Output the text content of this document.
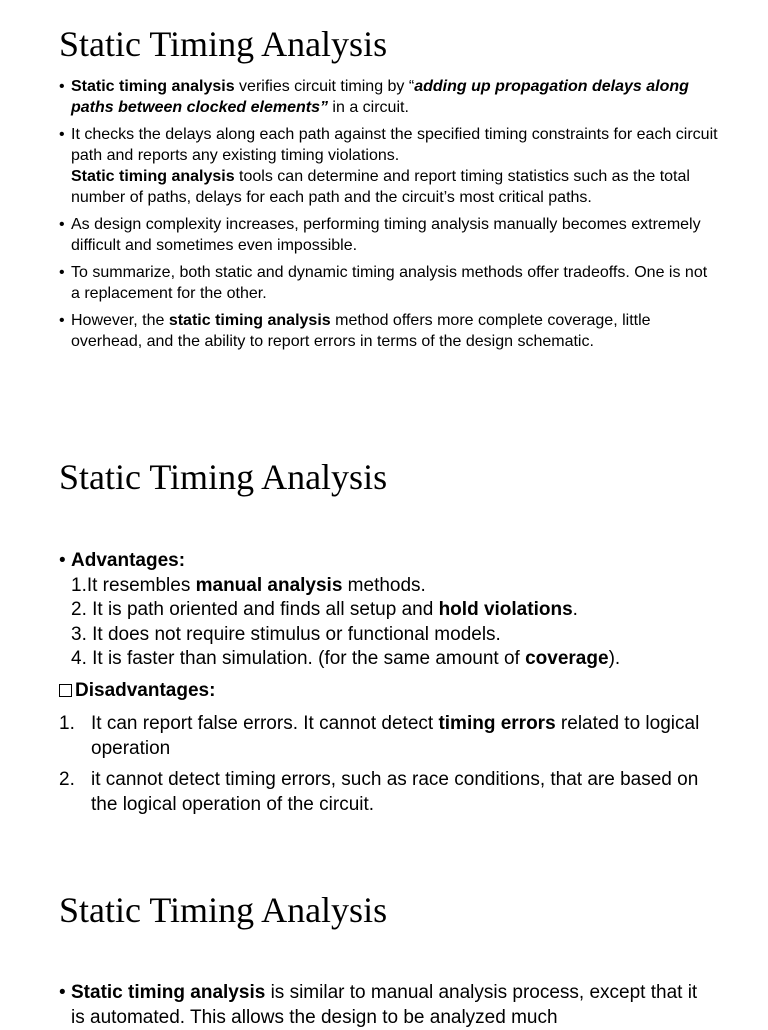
Static Timing Analysis
• Static timing analysis verifies circuit timing by “adding up propagation delays along paths between clocked elements” in a circuit.
• It checks the delays along each path against the specified timing constraints for each circuit path and reports any existing timing violations.
Static timing analysis tools can determine and report timing statistics such as the total number of paths, delays for each path and the circuit’s most critical paths.
• As design complexity increases, performing timing analysis manually becomes extremely difficult and sometimes even impossible.
• To summarize, both static and dynamic timing analysis methods offer tradeoffs. One is not a replacement for the other.
• However, the static timing analysis method offers more complete coverage, little overhead, and the ability to report errors in terms of the design schematic.
Static Timing Analysis
• Advantages:
1.It resembles manual analysis methods.
2. It is path oriented and finds all setup and hold violations.
3. It does not require stimulus or functional models.
4. It is faster than simulation. (for the same amount of coverage).
Disadvantages:
1. It can report false errors. It cannot detect timing errors related to logical operation
2. it cannot detect timing errors, such as race conditions, that are based on the logical operation of the circuit.
Static Timing Analysis
• Static timing analysis is similar to manual analysis process, except that it is automated. This allows the design to be analyzed much
